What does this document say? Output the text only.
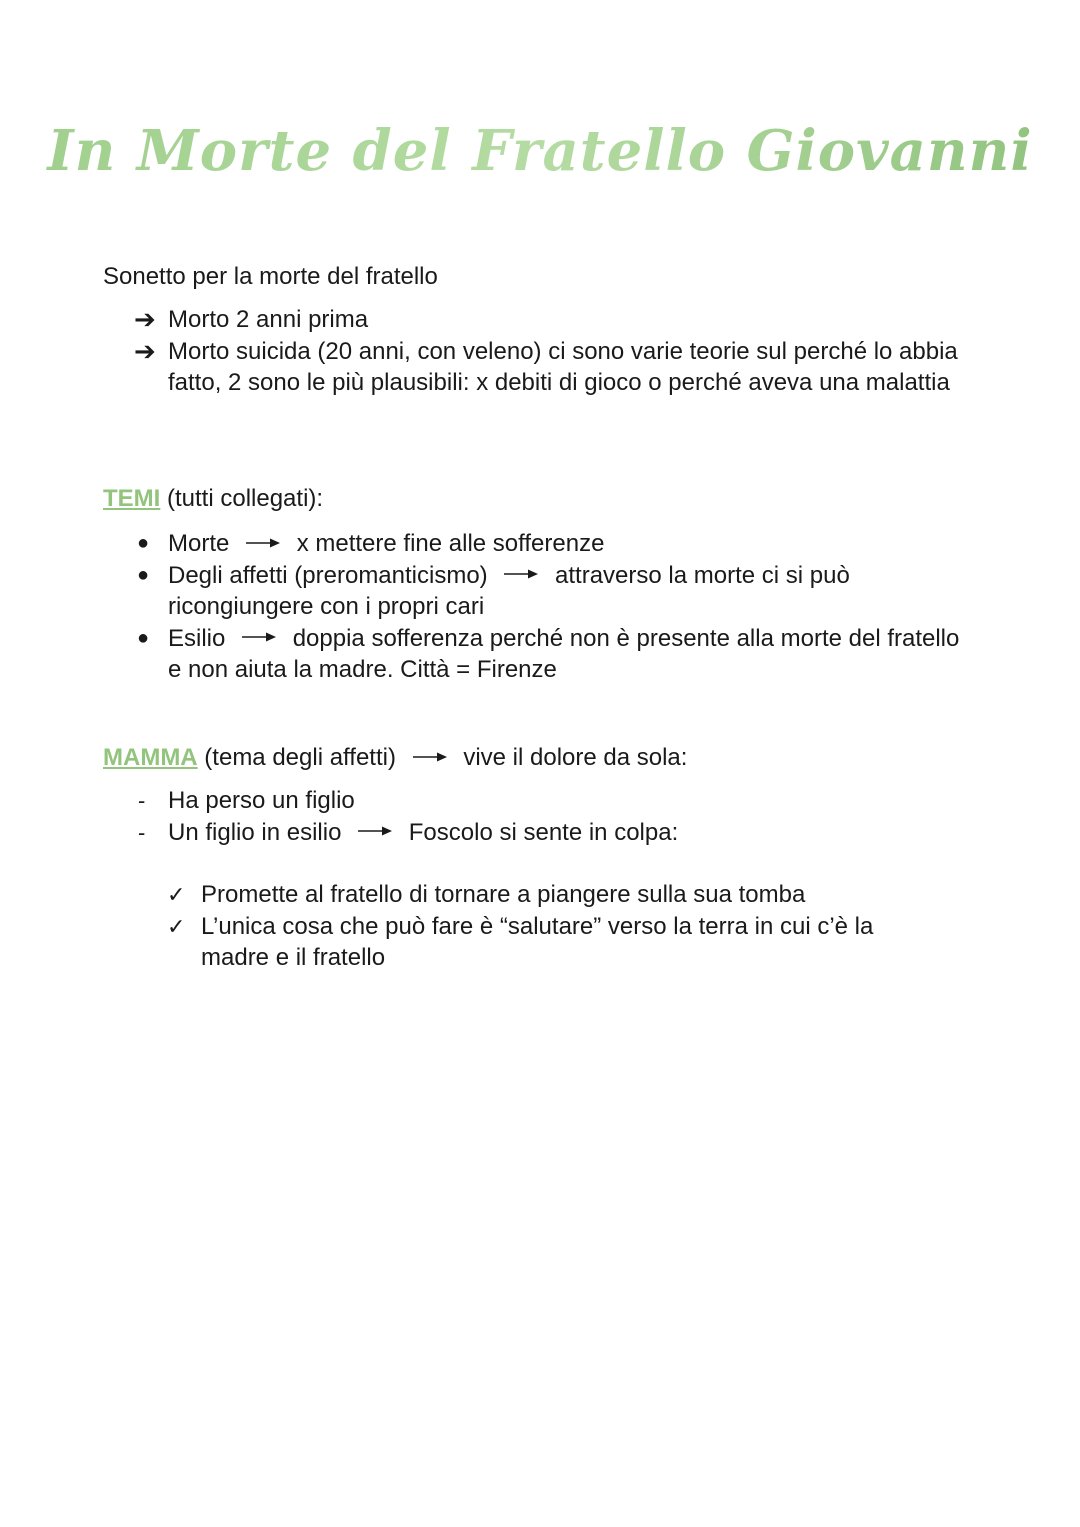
In Morte del Fratello Giovanni
Sonetto per la morte del fratello
➔ Morto 2 anni prima
➔ Morto suicida (20 anni, con veleno) ci sono varie teorie sul perché lo abbia fatto, 2 sono le più plausibili: x debiti di gioco o perché aveva una malattia
TEMI (tutti collegati):
● Morte	x mettere fine alle sofferenze
● Degli affetti (preromanticismo)	attraverso la morte ci si può ricongiungere con i propri cari
● Esilio	doppia sofferenza perché non è presente alla morte del fratello e non aiuta la madre. Città = Firenze
MAMMA (tema degli affetti)	vive il dolore da sola:
- Ha perso un figlio
- Un figlio in esilio	Foscolo si sente in colpa:
✓ Promette al fratello di tornare a piangere sulla sua tomba
✓ L’unica cosa che può fare è “salutare” verso la terra in cui c’è la madre e il fratello
